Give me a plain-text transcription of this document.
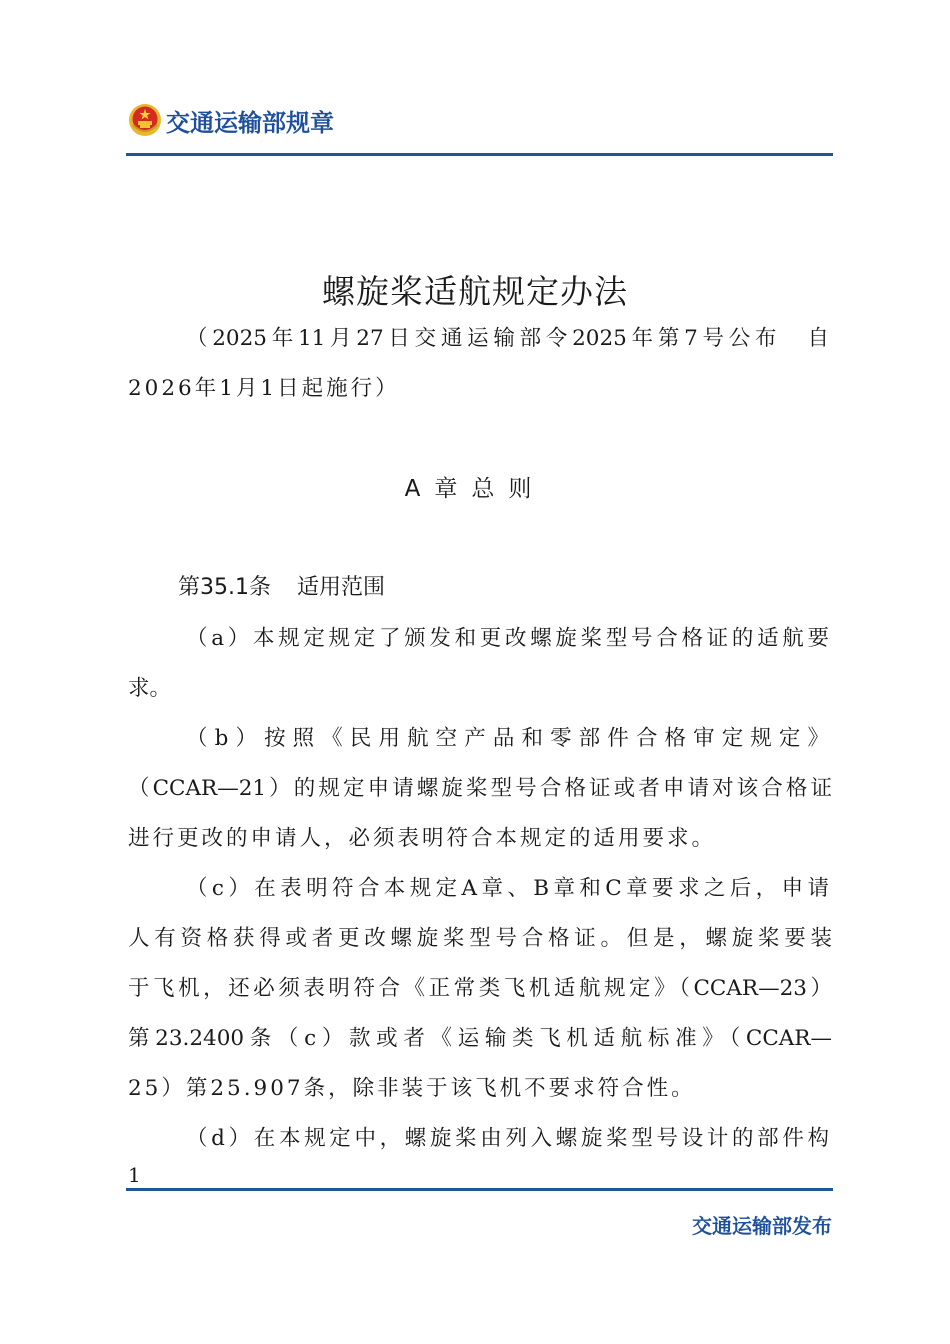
交通运输部规章
螺旋桨适航规定办法
（2025年11月27日交通运输部令2025年第7号公布　自
2026年1月1日起施行）
A章总则
第35.1条 适用范围
（a）本规定规定了颁发和更改螺旋桨型号合格证的适航要
求。
（b）按照《民用航空产品和零部件合格审定规定》
（CCAR—21）的规定申请螺旋桨型号合格证或者申请对该合格证
进行更改的申请人，必须表明符合本规定的适用要求。
（c）在表明符合本规定A章、B章和C章要求之后，申请
人有资格获得或者更改螺旋桨型号合格证。但是，螺旋桨要装
于飞机，还必须表明符合《正常类飞机适航规定》（CCAR—23）
第23.2400条（c）款或者《运输类飞机适航标准》（CCAR—
25）第25.907条，除非装于该飞机不要求符合性。
（d）在本规定中，螺旋桨由列入螺旋桨型号设计的部件构
1
交通运输部发布
